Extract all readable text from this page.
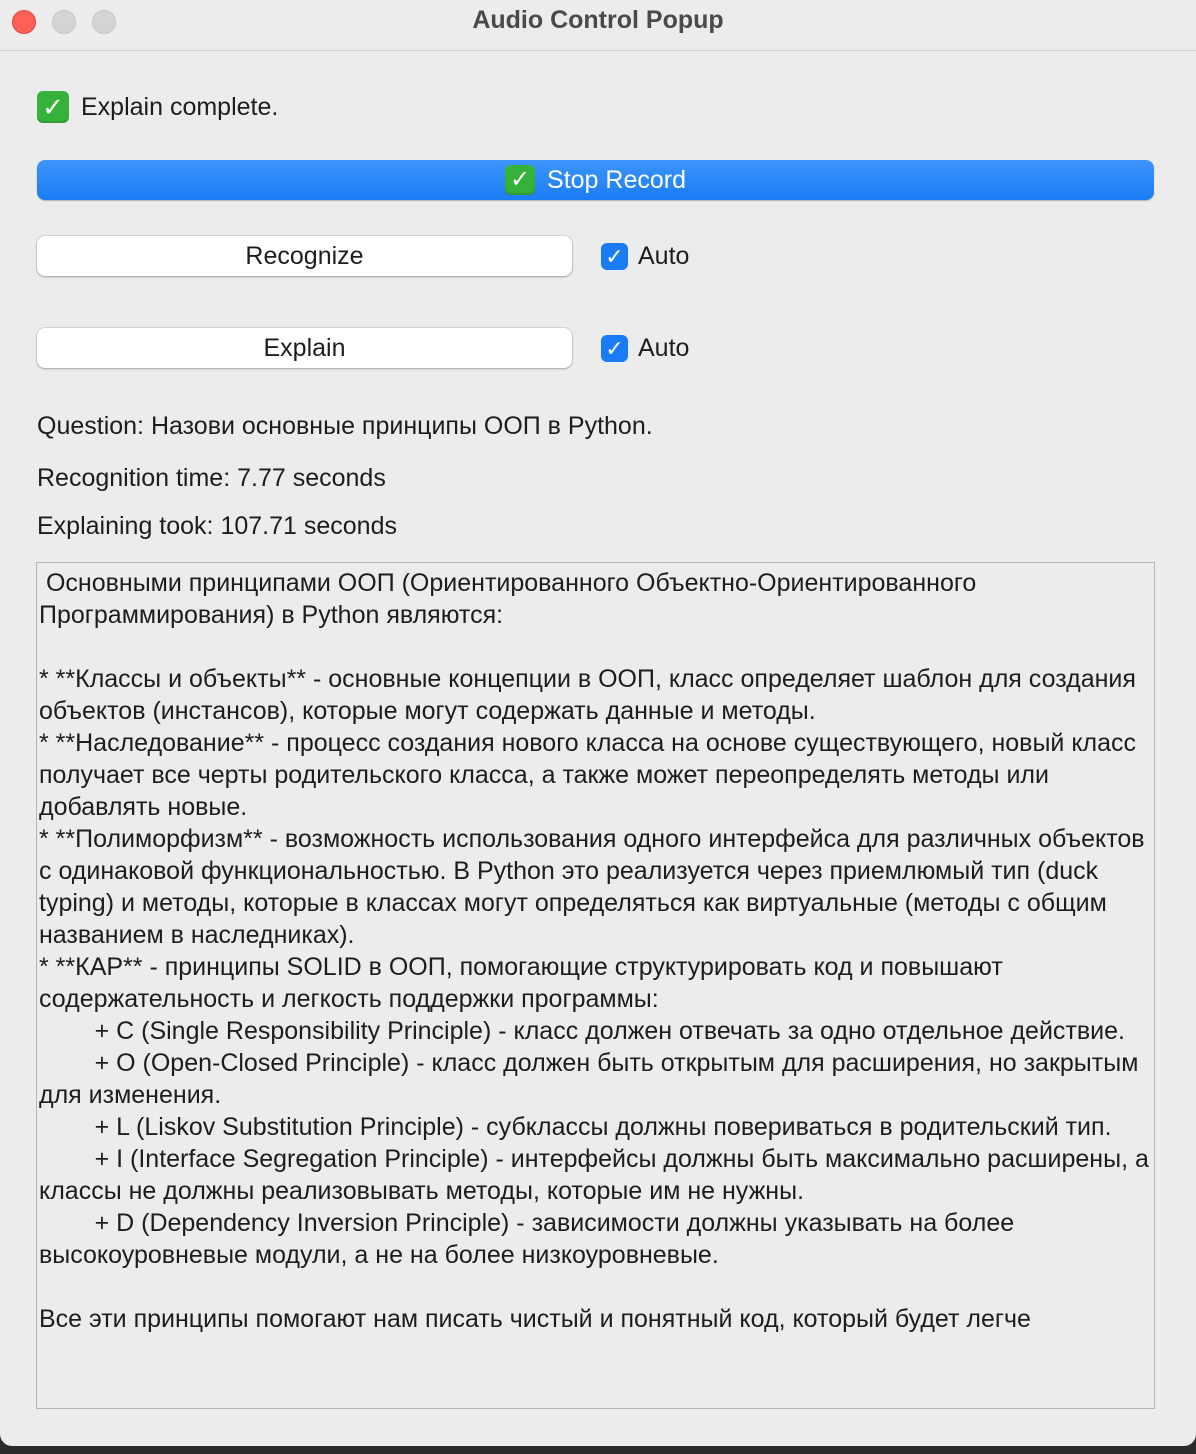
Audio Control Popup
✓ Explain complete.
✓ Stop Record
Recognize	✓ Auto
Explain	✓ Auto
Question: Назови основные принципы ООП в Python.
Recognition time: 7.77 seconds
Explaining took: 107.71 seconds
Основными принципами ООП (Ориентированного Объектно-Ориентированного Программирования) в Python являются:

* **Классы и объекты** - основные концепции в ООП, класс определяет шаблон для создания объектов (инстансов), которые могут содержать данные и методы.
* **Наследование** - процесс создания нового класса на основе существующего, новый класс получает все черты родительского класса, а также может переопределять методы или добавлять новые.
* **Полиморфизм** - возможность использования одного интерфейса для различных объектов с одинаковой функциональностью. В Python это реализуется через приемлюмый тип (duck typing) и методы, которые в классах могут определяться как виртуальные (методы с общим названием в наследниках).
* **КАР** - принципы SOLID в ООП, помогающие структурировать код и повышают содержательность и легкость поддержки программы:
		+ С (Single Responsibility Principle) - класс должен отвечать за одно отдельное действие.
		+ O (Open-Closed Principle) - класс должен быть открытым для расширения, но закрытым для изменения.
		+ L (Liskov Substitution Principle) - субклассы должны повериваться в родительский тип.
		+ I (Interface Segregation Principle) - интерфейсы должны быть максимально расширены, а классы не должны реализовывать методы, которые им не нужны.
		+ D (Dependency Inversion Principle) - зависимости должны указывать на более высокоуровневые модули, а не на более низкоуровневые.

Все эти принципы помогают нам писать чистый и понятный код, который будет легче
